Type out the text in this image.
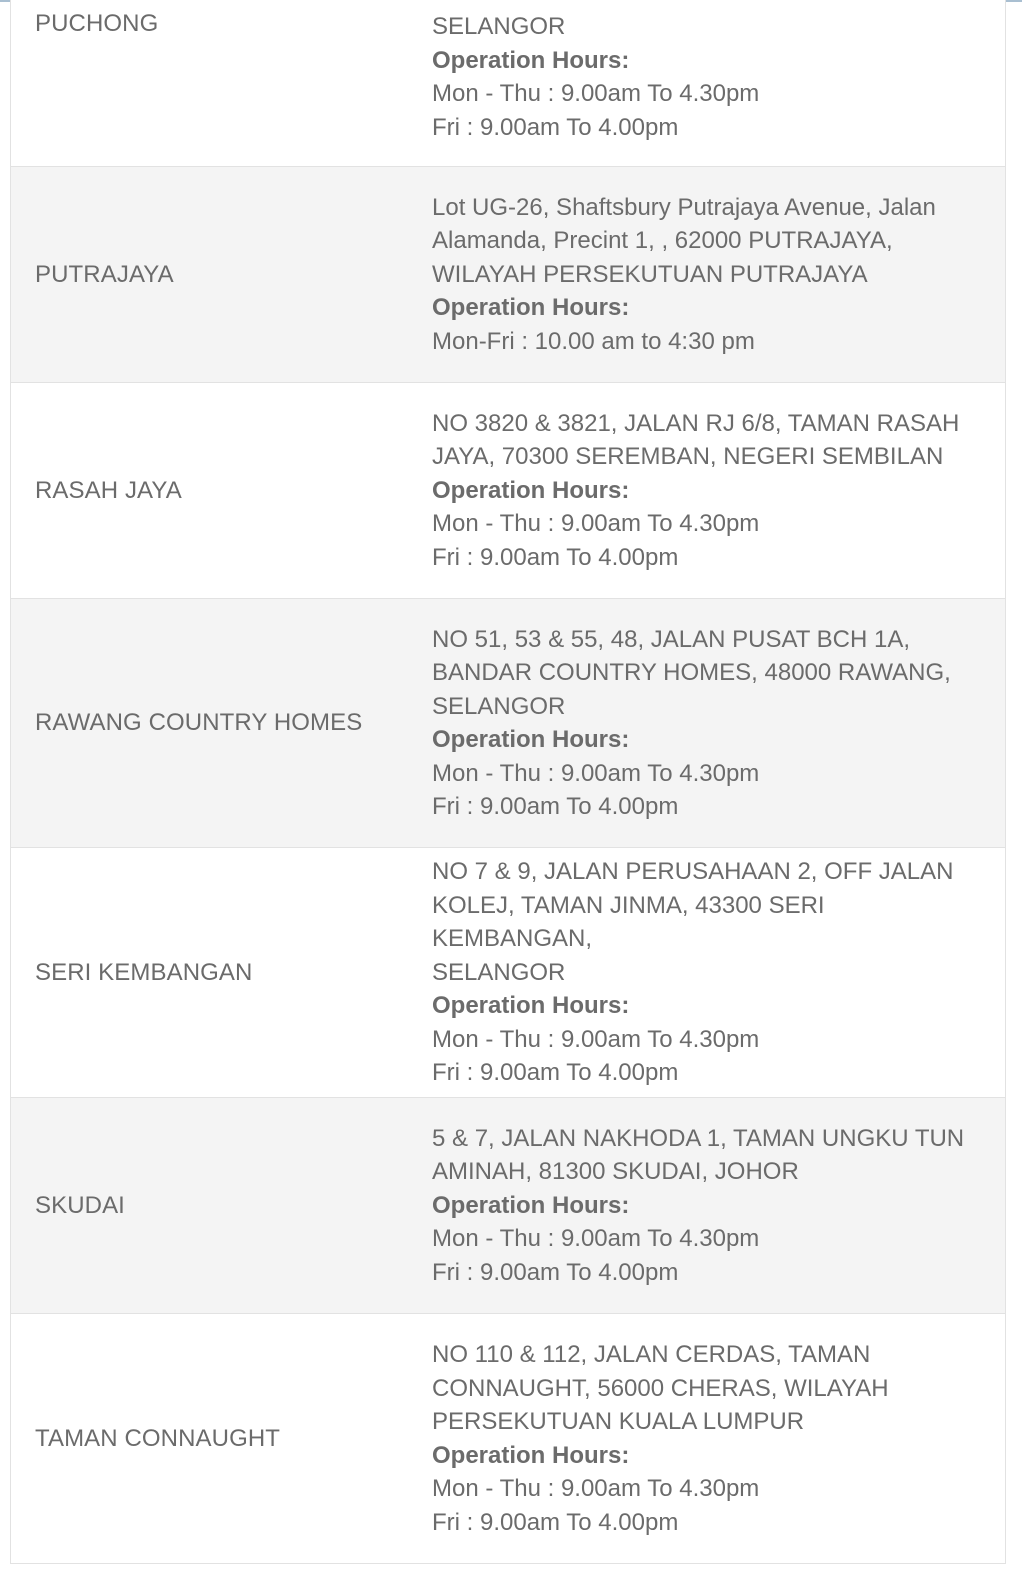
PUCHONG	SELANGOR
Operation Hours:
Mon - Thu : 9.00am To 4.30pm
Fri : 9.00am To 4.00pm
PUTRAJAYA
Lot UG-26, Shaftsbury Putrajaya Avenue, Jalan
Alamanda, Precint 1, , 62000 PUTRAJAYA,
WILAYAH PERSEKUTUAN PUTRAJAYA
Operation Hours:
Mon-Fri : 10.00 am to 4:30 pm
RASAH JAYA
NO 3820 & 3821, JALAN RJ 6/8, TAMAN RASAH
JAYA, 70300 SEREMBAN, NEGERI SEMBILAN
Operation Hours:
Mon - Thu : 9.00am To 4.30pm
Fri : 9.00am To 4.00pm
RAWANG COUNTRY HOMES
NO 51, 53 & 55, 48, JALAN PUSAT BCH 1A,
BANDAR COUNTRY HOMES, 48000 RAWANG,
SELANGOR
Operation Hours:
Mon - Thu : 9.00am To 4.30pm
Fri : 9.00am To 4.00pm
SERI KEMBANGAN
NO 7 & 9, JALAN PERUSAHAAN 2, OFF JALAN
KOLEJ, TAMAN JINMA, 43300 SERI KEMBANGAN,
SELANGOR
Operation Hours:
Mon - Thu : 9.00am To 4.30pm
Fri : 9.00am To 4.00pm
SKUDAI
5 & 7, JALAN NAKHODA 1, TAMAN UNGKU TUN
AMINAH, 81300 SKUDAI, JOHOR
Operation Hours:
Mon - Thu : 9.00am To 4.30pm
Fri : 9.00am To 4.00pm
TAMAN CONNAUGHT
NO 110 & 112, JALAN CERDAS, TAMAN
CONNAUGHT, 56000 CHERAS, WILAYAH
PERSEKUTUAN KUALA LUMPUR
Operation Hours:
Mon - Thu : 9.00am To 4.30pm
Fri : 9.00am To 4.00pm
